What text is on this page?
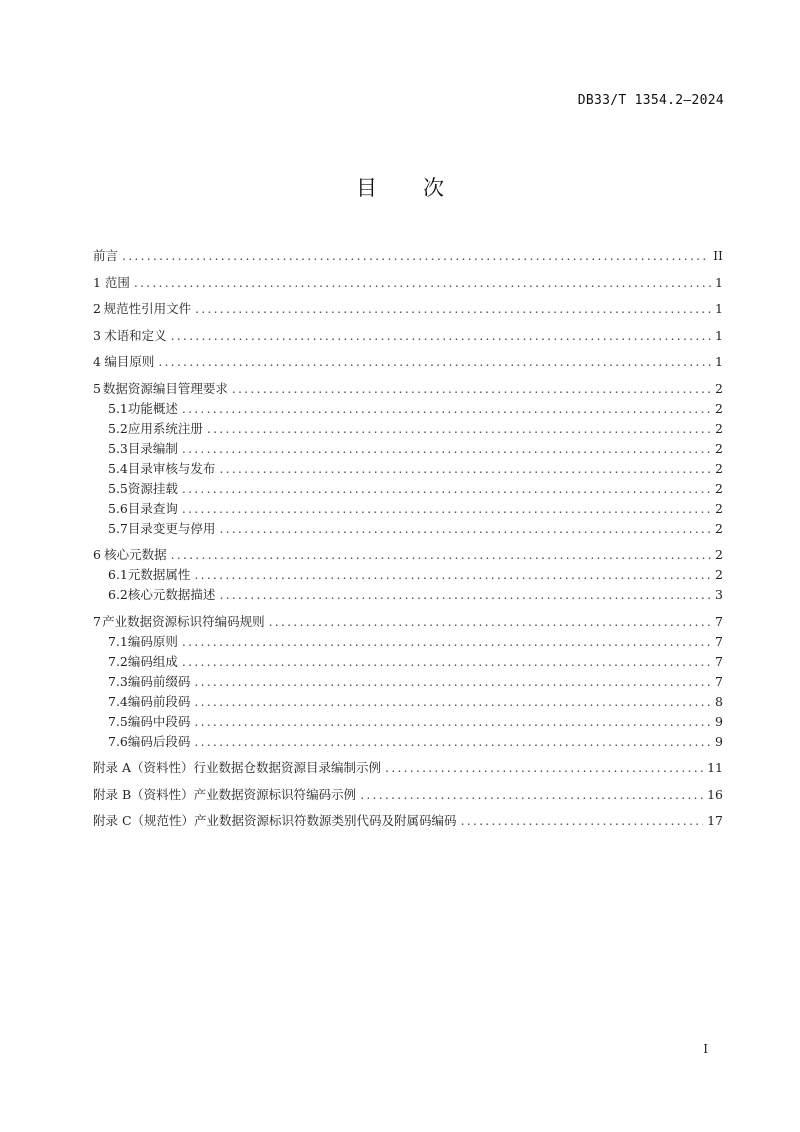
DB33/T 1354.2—2024
目 次
前言 .....	II
1 范围 .....	1
2 规范性引用文件 .....	1
3 术语和定义 .....	1
4 编目原则 .....	1
5 数据资源编目管理要求 .....	2
5.1 功能概述 .....	2
5.2 应用系统注册 .....	2
5.3 目录编制 .....	2
5.4 目录审核与发布 .....	2
5.5 资源挂载 .....	2
5.6 目录查询 .....	2
5.7 目录变更与停用 .....	2
6 核心元数据 .....	2
6.1 元数据属性 .....	2
6.2 核心元数据描述 .....	3
7 产业数据资源标识符编码规则 .....	7
7.1 编码原则 .....	7
7.2 编码组成 .....	7
7.3 编码前缀码 .....	7
7.4 编码前段码 .....	8
7.5 编码中段码 .....	9
7.6 编码后段码 .....	9
附录 A（资料性） 行业数据仓数据资源目录编制示例 .....	11
附录 B（资料性） 产业数据资源标识符编码示例 .....	16
附录 C（规范性） 产业数据资源标识符数源类别代码及附属码编码 .....	17
I
